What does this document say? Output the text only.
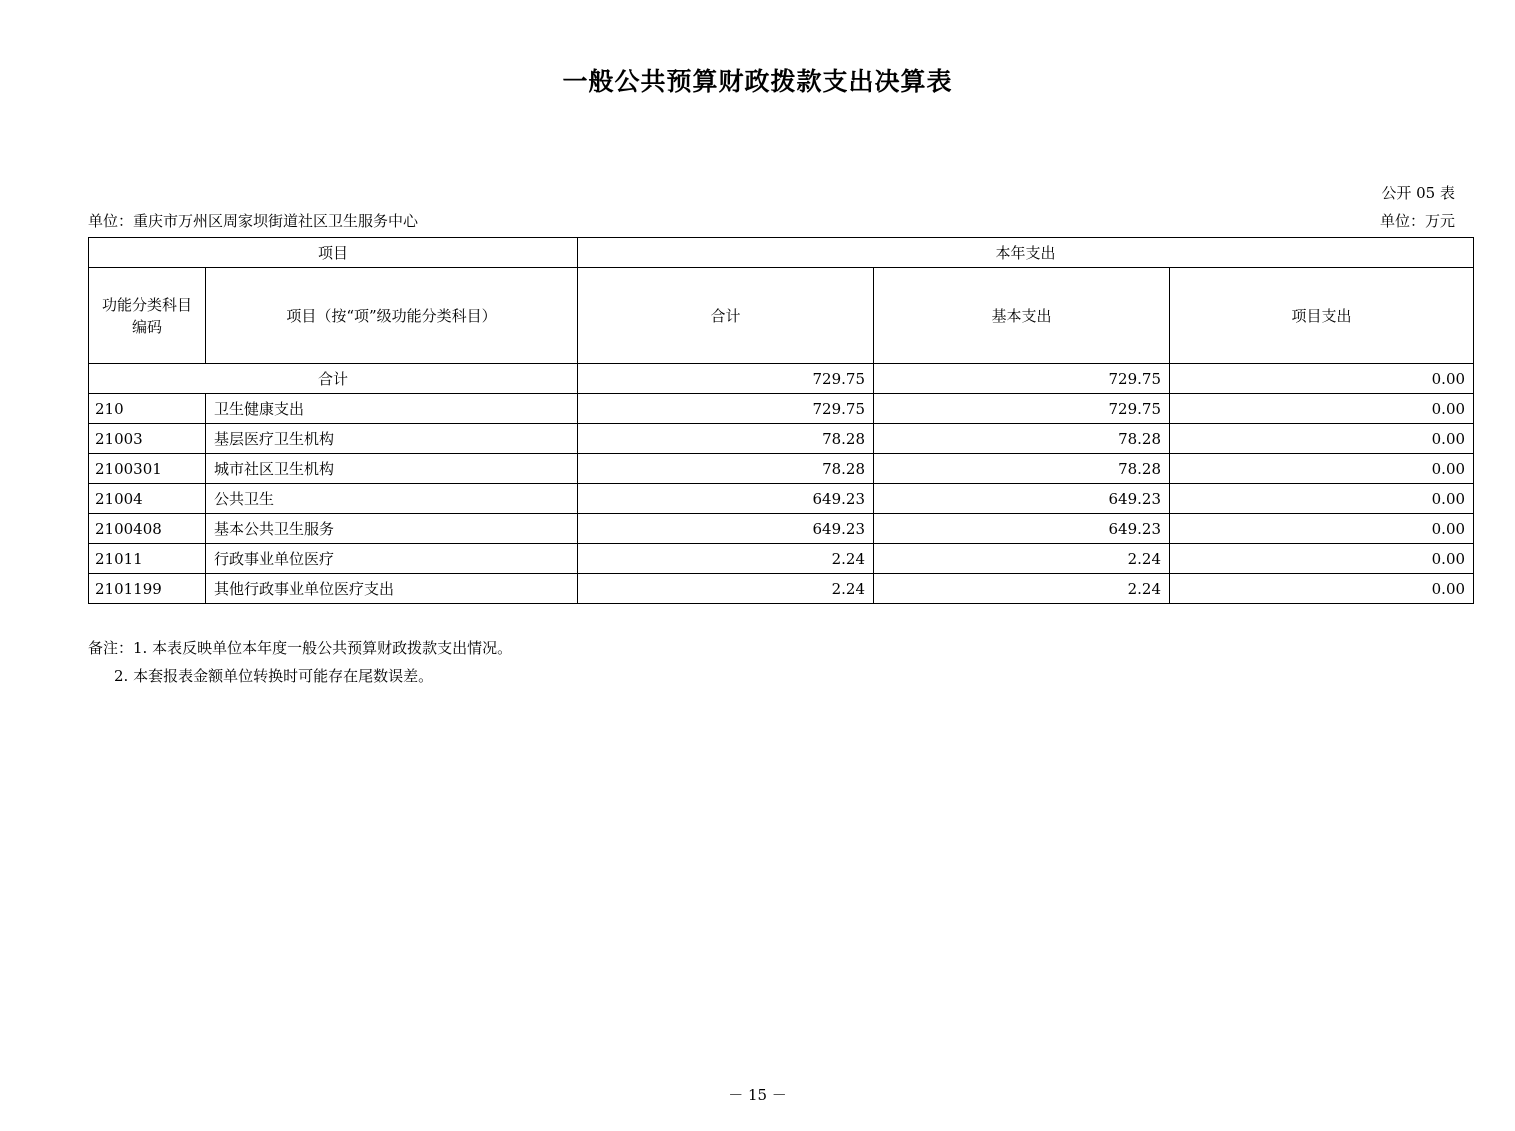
一般公共预算财政拨款支出决算表
公开 05 表
单位：重庆市万州区周家坝街道社区卫生服务中心	单位：万元
项目		本年支出		

功能分类科目
编码	项目（按“项”级功能分类科目）	合计	基本支出	项目支出
合计		729.75	729.75	0.00
210	卫生健康支出	729.75	729.75	0.00
21003	基层医疗卫生机构	78.28	78.28	0.00
2100301	城市社区卫生机构	78.28	78.28	0.00
21004	公共卫生	649.23	649.23	0.00
2100408	基本公共卫生服务	649.23	649.23	0.00
21011	行政事业单位医疗	2.24	2.24	0.00
2101199	其他行政事业单位医疗支出	2.24	2.24	0.00
备注：1. 本表反映单位本年度一般公共预算财政拨款支出情况。
2. 本套报表金额单位转换时可能存在尾数误差。
－ 15 －
